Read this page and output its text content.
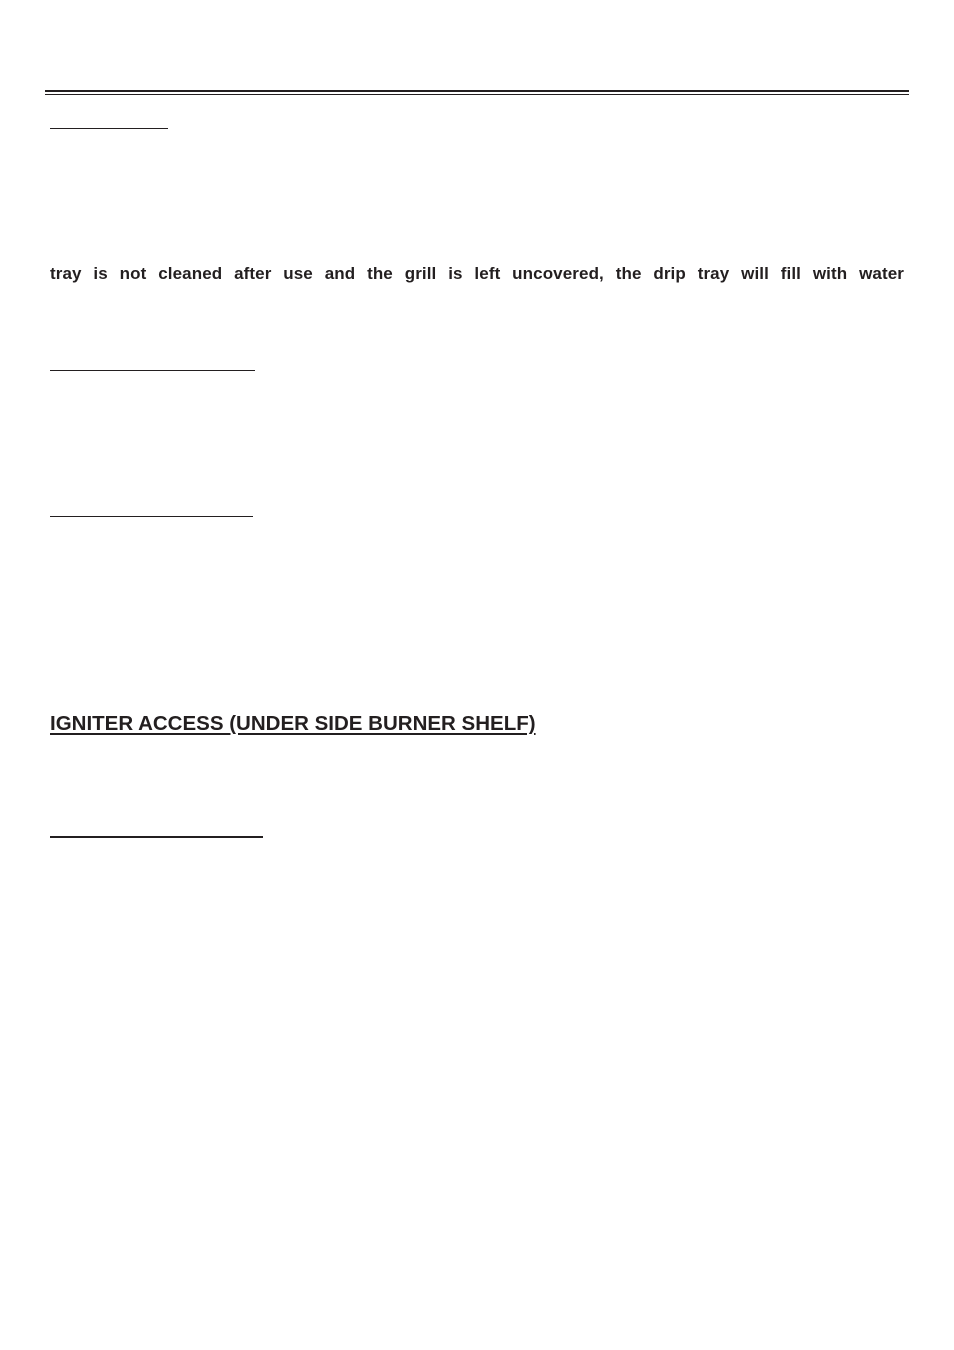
tray is not cleaned after use and the grill is left uncovered, the drip tray will fill with water
IGNITER ACCESS (UNDER SIDE BURNER SHELF)
